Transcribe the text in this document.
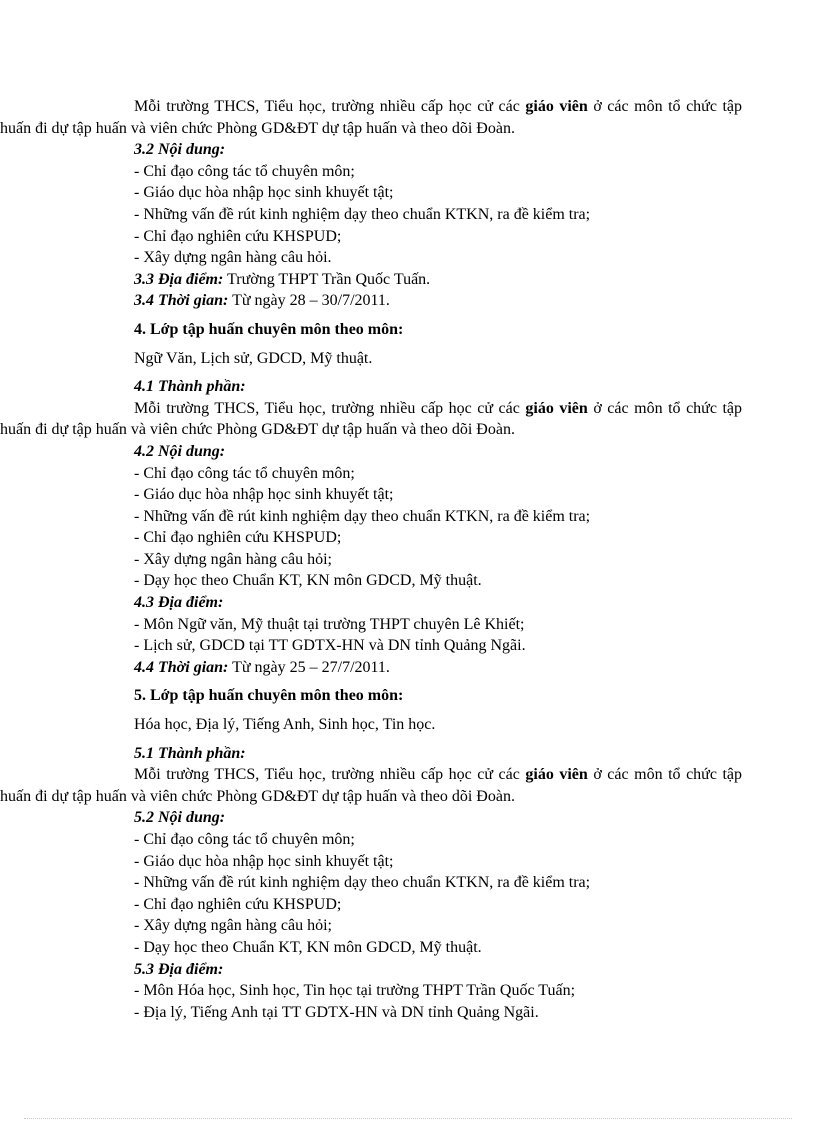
Mỗi trường THCS, Tiểu học, trường nhiều cấp học cử các giáo viên ở các môn tổ chức tập huấn đi dự tập huấn và viên chức Phòng GD&ĐT dự tập huấn và theo dõi Đoàn.

3.2 Nội dung:

- Chỉ đạo công tác tổ chuyên môn;

- Giáo dục hòa nhập học sinh khuyết tật;

- Những vấn đề rút kinh nghiệm dạy theo chuẩn KTKN, ra đề kiểm tra;

- Chỉ đạo nghiên cứu KHSPUD;

- Xây dựng ngân hàng câu hỏi.

3.3 Địa điểm: Trường THPT Trần Quốc Tuấn.

3.4 Thời gian: Từ ngày 28 – 30/7/2011.

4. Lớp tập huấn chuyên môn theo môn:

Ngữ Văn, Lịch sử, GDCD, Mỹ thuật.

4.1 Thành phần:

Mỗi trường THCS, Tiểu học, trường nhiều cấp học cử các giáo viên ở các môn tổ chức tập huấn đi dự tập huấn và viên chức Phòng GD&ĐT dự tập huấn và theo dõi Đoàn.

4.2 Nội dung:

- Chỉ đạo công tác tổ chuyên môn;

- Giáo dục hòa nhập học sinh khuyết tật;

- Những vấn đề rút kinh nghiệm dạy theo chuẩn KTKN, ra đề kiểm tra;

- Chỉ đạo nghiên cứu KHSPUD;

- Xây dựng ngân hàng câu hỏi;

- Dạy học theo Chuẩn KT, KN môn GDCD, Mỹ thuật.

4.3 Địa điểm:

- Môn Ngữ văn, Mỹ thuật tại trường THPT chuyên Lê Khiết;

- Lịch sử, GDCD tại TT GDTX-HN và DN tỉnh Quảng Ngãi.

4.4 Thời gian: Từ ngày 25 – 27/7/2011.

5. Lớp tập huấn chuyên môn theo môn:

Hóa học, Địa lý, Tiếng Anh, Sinh học, Tin học.

5.1 Thành phần:

Mỗi trường THCS, Tiểu học, trường nhiều cấp học cử các giáo viên ở các môn tổ chức tập huấn đi dự tập huấn và viên chức Phòng GD&ĐT dự tập huấn và theo dõi Đoàn.

5.2 Nội dung:

- Chỉ đạo công tác tổ chuyên môn;

- Giáo dục hòa nhập học sinh khuyết tật;

- Những vấn đề rút kinh nghiệm dạy theo chuẩn KTKN, ra đề kiểm tra;

- Chỉ đạo nghiên cứu KHSPUD;

- Xây dựng ngân hàng câu hỏi;

- Dạy học theo Chuẩn KT, KN môn GDCD, Mỹ thuật.

5.3 Địa điểm:

- Môn Hóa học, Sinh học, Tin học tại trường THPT Trần Quốc Tuấn;

- Địa lý, Tiếng Anh tại TT GDTX-HN và DN tỉnh Quảng Ngãi.
